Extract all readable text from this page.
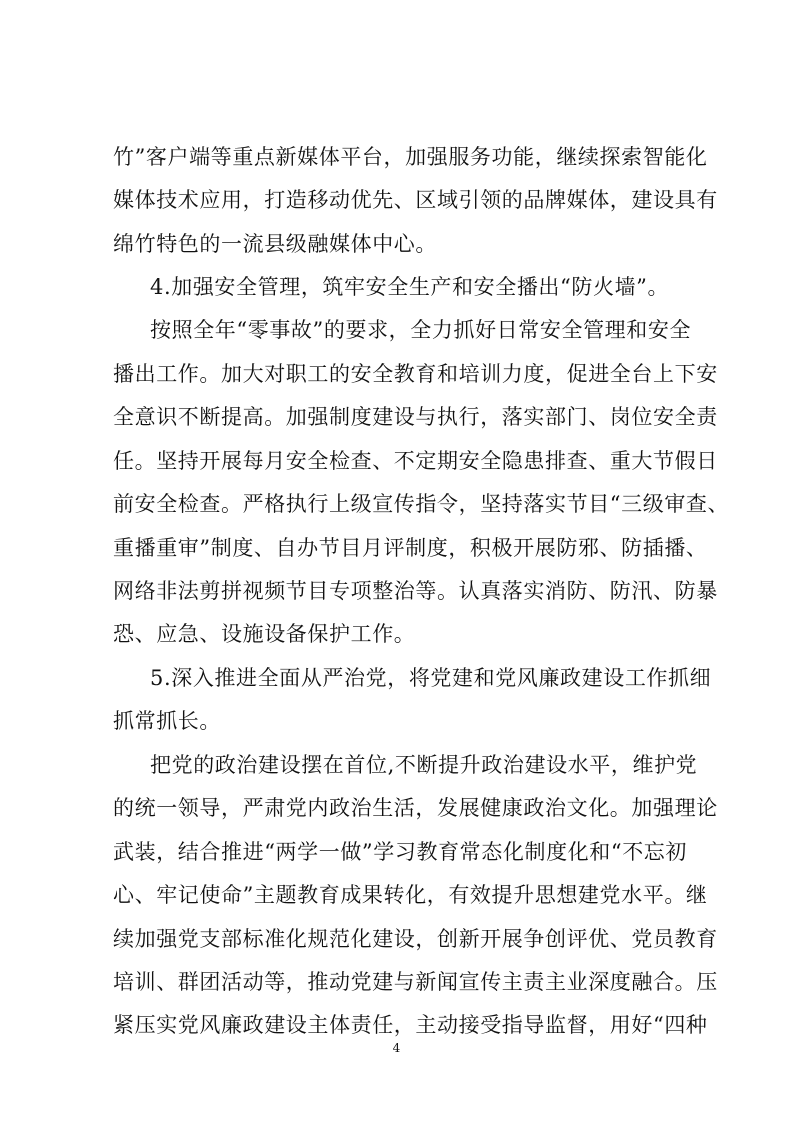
竹”客户端等重点新媒体平台，加强服务功能，继续探索智能化
媒体技术应用，打造移动优先、区域引领的品牌媒体，建设具有
绵竹特色的一流县级融媒体中心。
4.加强安全管理，筑牢安全生产和安全播出“防火墙”。
按照全年“零事故”的要求，全力抓好日常安全管理和安全
播出工作。加大对职工的安全教育和培训力度，促进全台上下安
全意识不断提高。加强制度建设与执行，落实部门、岗位安全责
任。坚持开展每月安全检查、不定期安全隐患排查、重大节假日
前安全检查。严格执行上级宣传指令，坚持落实节目“三级审查、
重播重审”制度、自办节目月评制度，积极开展防邪、防插播、
网络非法剪拼视频节目专项整治等。认真落实消防、防汛、防暴
恐、应急、设施设备保护工作。
5.深入推进全面从严治党，将党建和党风廉政建设工作抓细
抓常抓长。
把党的政治建设摆在首位,不断提升政治建设水平，维护党
的统一领导，严肃党内政治生活，发展健康政治文化。加强理论
武装，结合推进“两学一做”学习教育常态化制度化和“不忘初
心、牢记使命”主题教育成果转化，有效提升思想建党水平。继
续加强党支部标准化规范化建设，创新开展争创评优、党员教育
培训、群团活动等，推动党建与新闻宣传主责主业深度融合。压
紧压实党风廉政建设主体责任，主动接受指导监督，用好“四种
4
